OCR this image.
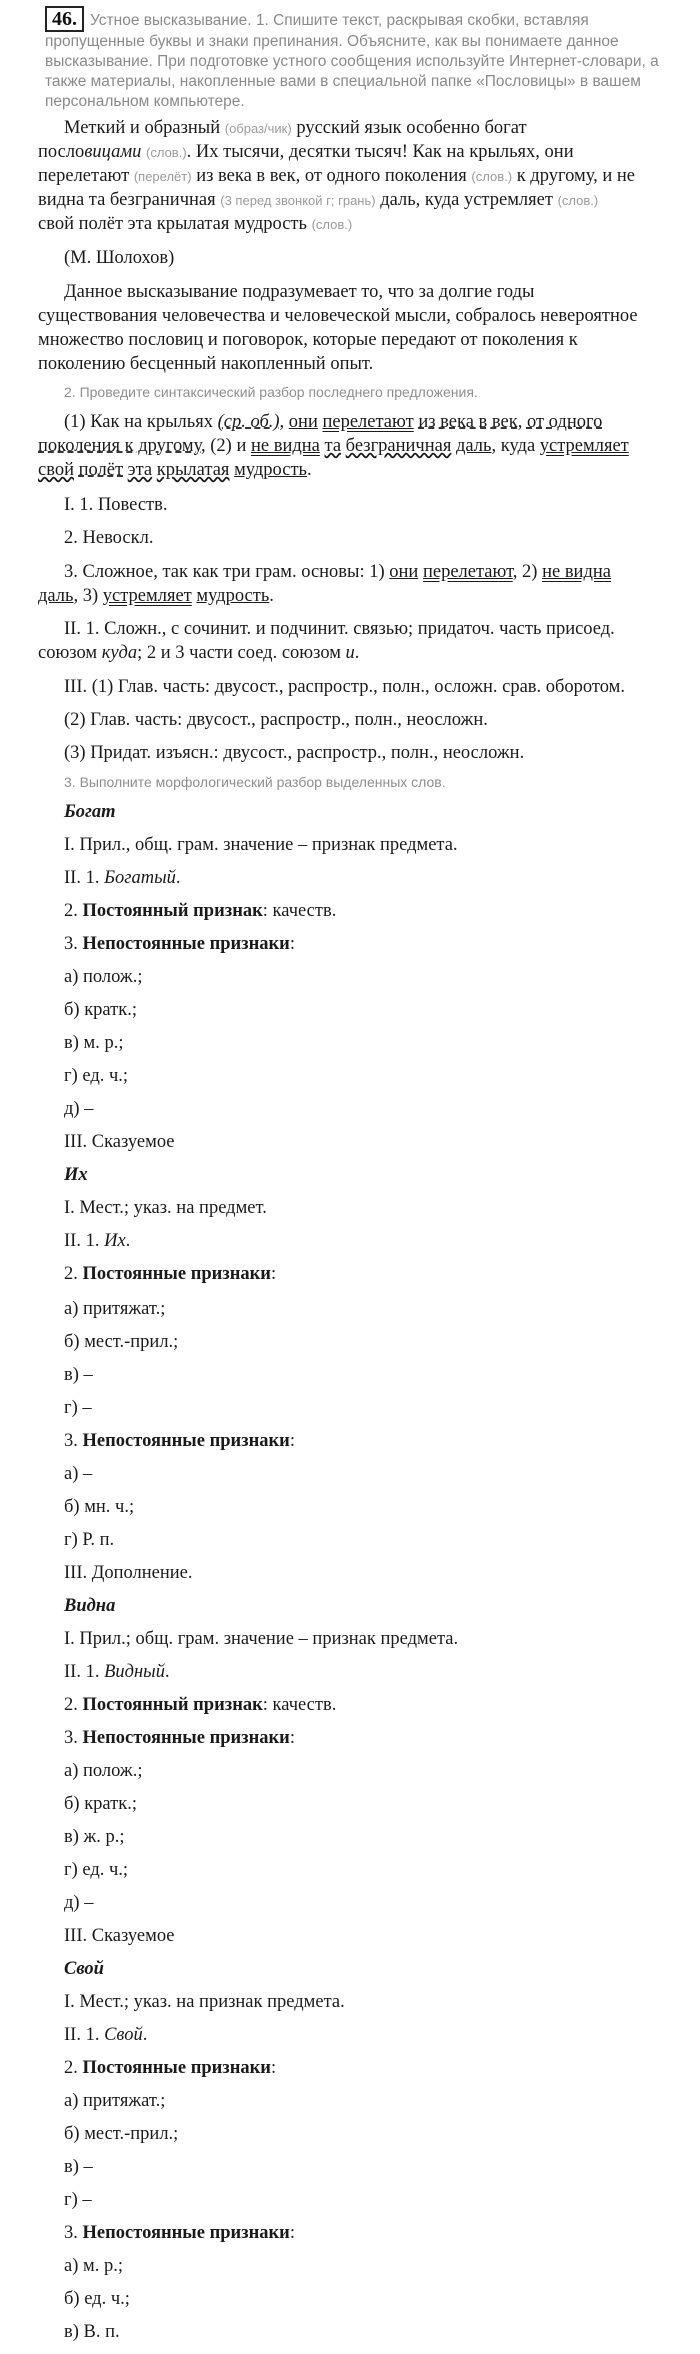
46. Устное высказывание. 1. Спишите текст, раскрывая скобки, вставляя пропущенные буквы и знаки препинания. Объясните, как вы понимаете данное высказывание. При подготовке устного сообщения используйте Интернет-словари, а также материалы, накопленные вами в специальной папке «Пословицы» в вашем персональном компьютере.
Меткий и образный (образ/чик) русский язык особенно богат
пословицами (слов.). Их тысячи, десятки тысяч! Как на крыльях, они
перелетают (перелёт) из века в век, от одного поколения (слов.) к другому, и не
видна та безграничная (3 перед звонкой г; грань) даль, куда устремляет (слов.)
свой полёт эта крылатая мудрость (слов.)
(М. Шолохов)
Данное высказывание подразумевает то, что за долгие годы
существования человечества и человеческой мысли, собралось невероятное
множество пословиц и поговорок, которые передают от поколения к
поколению бесценный накопленный опыт.
2. Проведите синтаксический разбор последнего предложения.
(1) Как на крыльях (ср. об.), они перелетают из века в век, от одного
поколения к другому, (2) и не видна та безграничная даль, куда устремляет
свой полёт эта крылатая мудрость.
I. 1. Повеств.
2. Невоскл.
3. Сложное, так как три грам. основы: 1) они перелетают, 2) не видна
даль, 3) устремляет мудрость.
II. 1. Сложн., с сочинит. и подчинит. связью; придаточ. часть присоед.
союзом куда; 2 и 3 части соед. союзом и.
III. (1) Глав. часть: двусост., распростр., полн., осложн. срав. оборотом.
(2) Глав. часть: двусост., распростр., полн., неосложн.
(3) Придат. изъясн.: двусост., распростр., полн., неосложн.
3. Выполните морфологический разбор выделенных слов.
Богат
I. Прил., общ. грам. значение – признак предмета.
II. 1. Богатый.
2. Постоянный признак: качеств.
3. Непостоянные признаки:
а) полож.;
б) кратк.;
в) м. р.;
г) ед. ч.;
д) –
III. Сказуемое
Их
I. Мест.; указ. на предмет.
II. 1. Их.
2. Постоянные признаки:
а) притяжат.;
б) мест.-прил.;
в) –
г) –
3. Непостоянные признаки:
а) –
б) мн. ч.;
г) Р. п.
III. Дополнение.
Видна
I. Прил.; общ. грам. значение – признак предмета.
II. 1. Видный.
2. Постоянный признак: качеств.
3. Непостоянные признаки:
а) полож.;
б) кратк.;
в) ж. р.;
г) ед. ч.;
д) –
III. Сказуемое
Свой
I. Мест.; указ. на признак предмета.
II. 1. Свой.
2. Постоянные признаки:
а) притяжат.;
б) мест.-прил.;
в) –
г) –
3. Непостоянные признаки:
а) м. р.;
б) ед. ч.;
в) В. п.
